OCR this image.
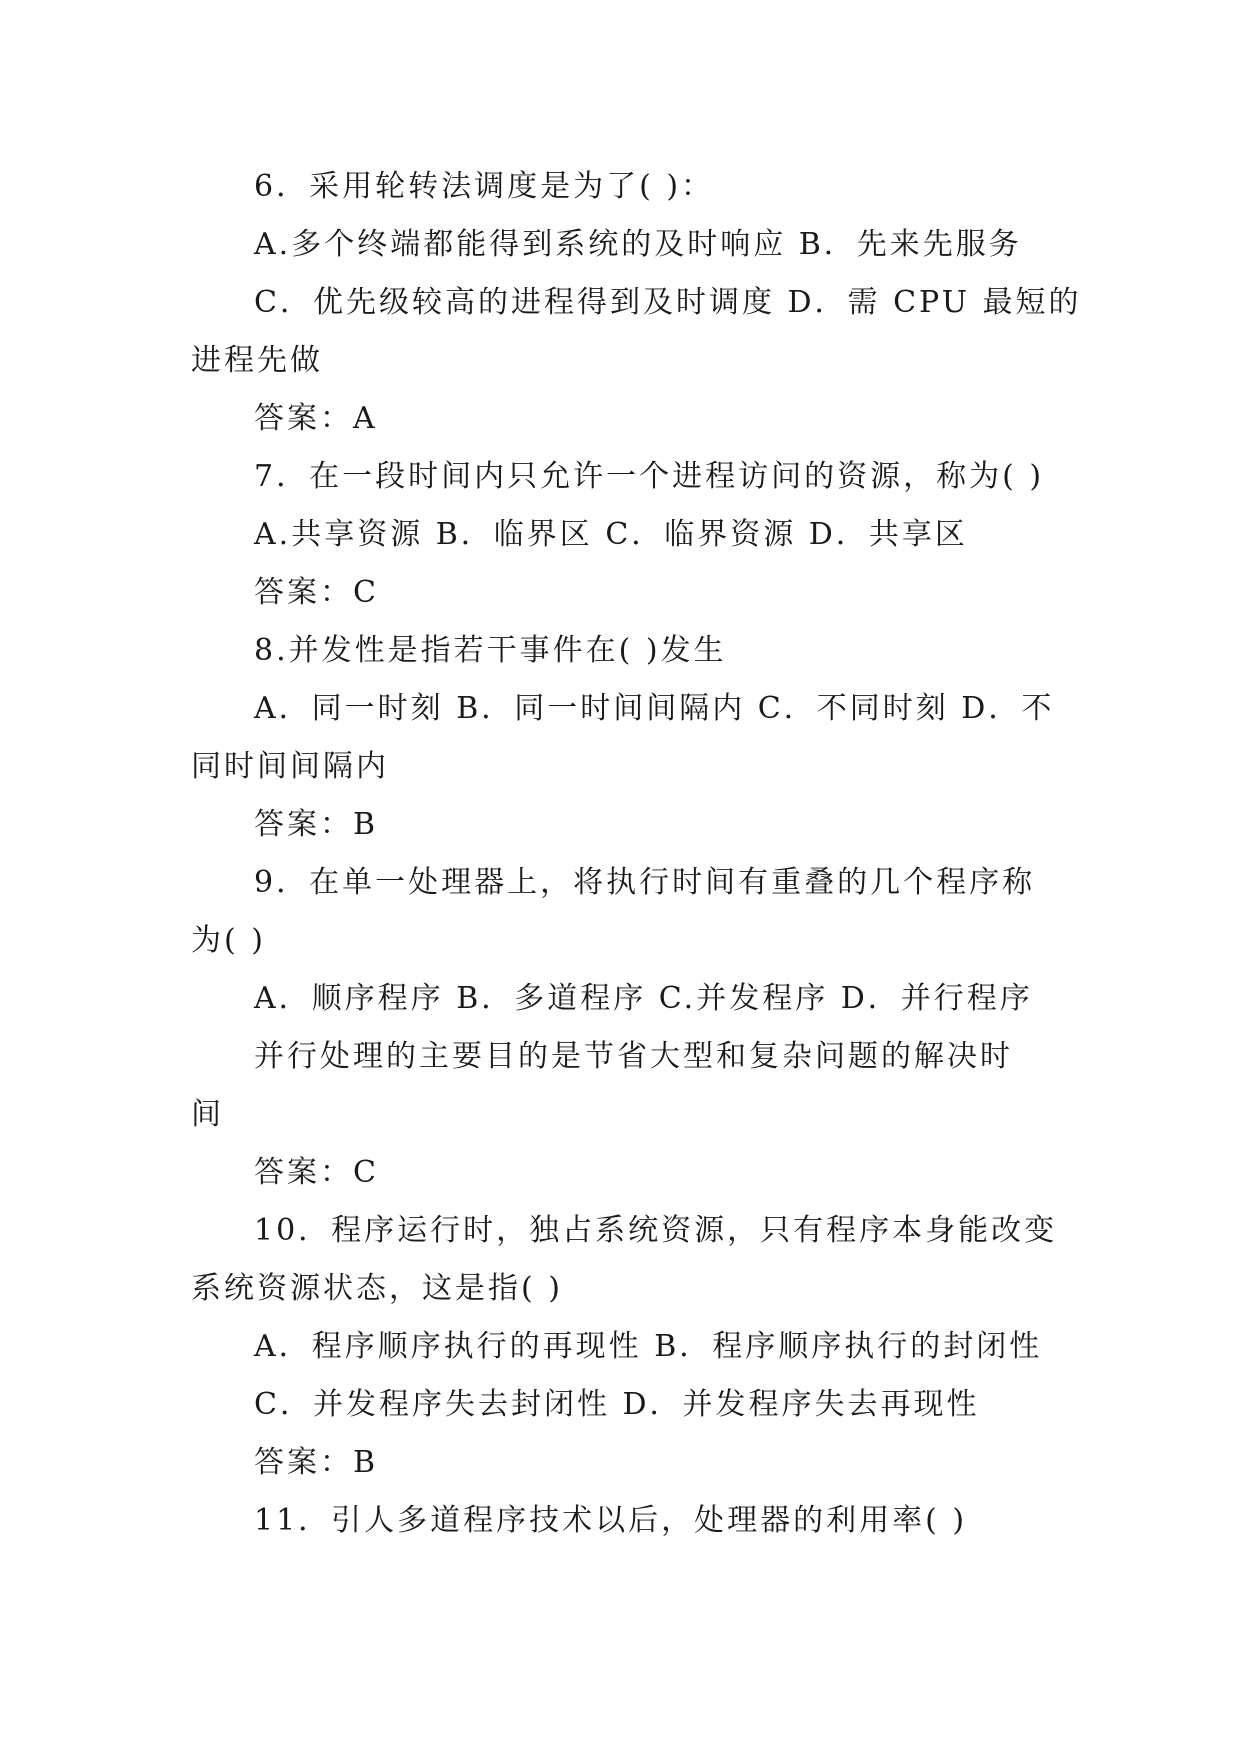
6．采用轮转法调度是为了( )：
A.多个终端都能得到系统的及时响应 B．先来先服务
C．优先级较高的进程得到及时调度 D．需 CPU 最短的
进程先做
答案：A
7．在一段时间内只允许一个进程访问的资源，称为( )
A.共享资源 B．临界区 C．临界资源 D．共享区
答案：C
8.并发性是指若干事件在( )发生
A．同一时刻 B．同一时间间隔内 C．不同时刻 D．不
同时间间隔内
答案：B
9．在单一处理器上，将执行时间有重叠的几个程序称
为( )
A．顺序程序 B．多道程序 C.并发程序 D．并行程序
并行处理的主要目的是节省大型和复杂问题的解决时
间
答案：C
10．程序运行时，独占系统资源，只有程序本身能改变
系统资源状态，这是指( )
A．程序顺序执行的再现性 B．程序顺序执行的封闭性
C．并发程序失去封闭性 D．并发程序失去再现性
答案：B
11．引人多道程序技术以后，处理器的利用率( )
